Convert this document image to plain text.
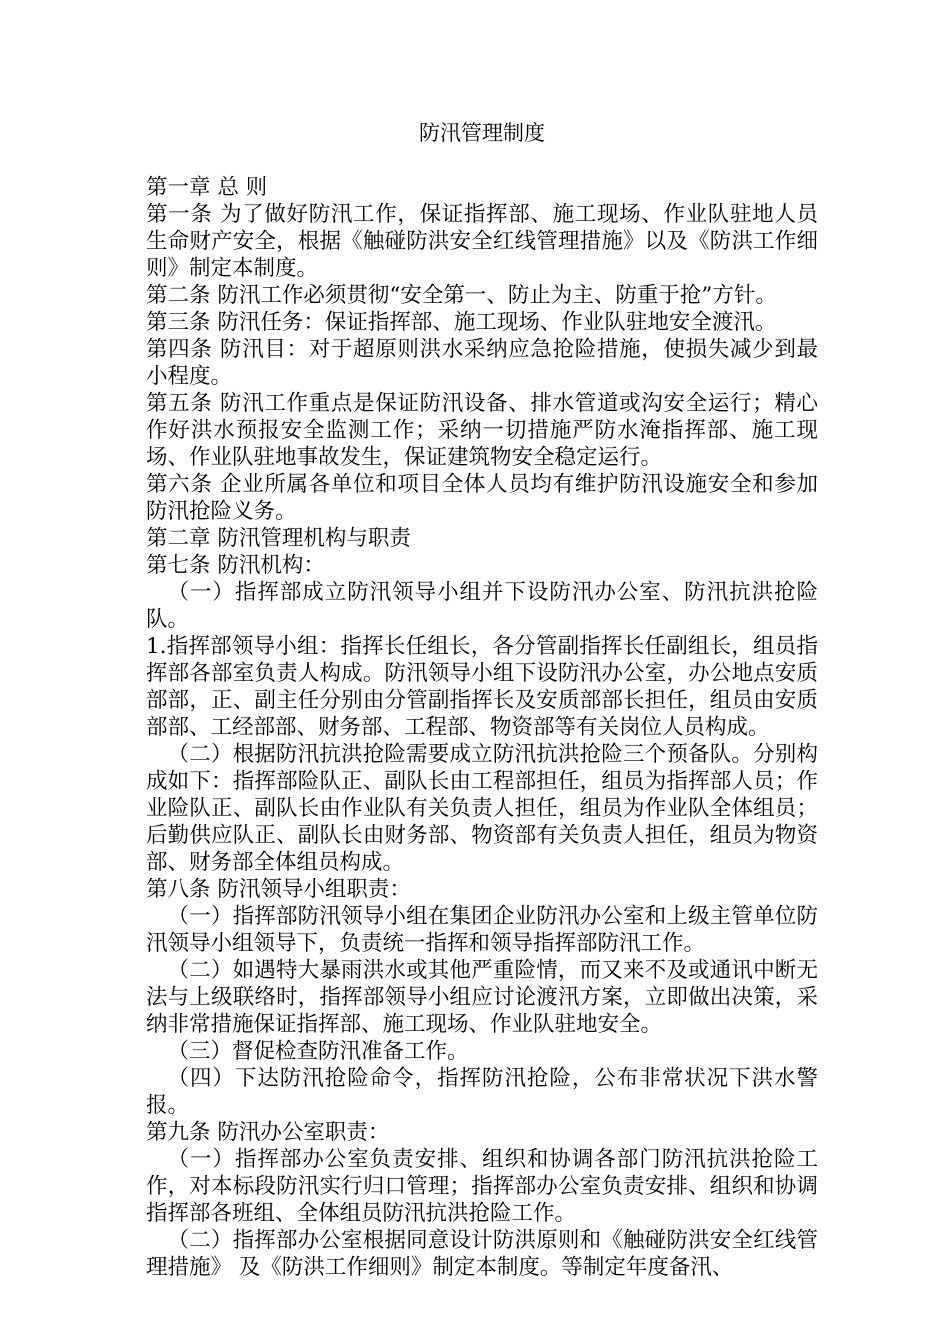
防汛管理制度

第一章 总 则

第一条 为了做好防汛工作，保证指挥部、施工现场、作业队驻地人员生命财产安全，根据《触碰防洪安全红线管理措施》以及《防洪工作细则》制定本制度。

第二条 防汛工作必须贯彻“安全第一、防止为主、防重于抢”方针。

第三条 防汛任务：保证指挥部、施工现场、作业队驻地安全渡汛。

第四条 防汛目：对于超原则洪水采纳应急抢险措施，使损失减少到最小程度。

第五条 防汛工作重点是保证防汛设备、排水管道或沟安全运行；精心作好洪水预报安全监测工作；采纳一切措施严防水淹指挥部、施工现场、作业队驻地事故发生，保证建筑物安全稳定运行。

第六条 企业所属各单位和项目全体人员均有维护防汛设施安全和参加防汛抢险义务。

第二章 防汛管理机构与职责

第七条 防汛机构：

（一）指挥部成立防汛领导小组并下设防汛办公室、防汛抗洪抢险队。

1.指挥部领导小组：指挥长任组长，各分管副指挥长任副组长，组员指挥部各部室负责人构成。防汛领导小组下设防汛办公室，办公地点安质部部，正、副主任分别由分管副指挥长及安质部部长担任，组员由安质部部、工经部部、财务部、工程部、物资部等有关岗位人员构成。

（二）根据防汛抗洪抢险需要成立防汛抗洪抢险三个预备队。分别构成如下：指挥部险队正、副队长由工程部担任，组员为指挥部人员；作业险队正、副队长由作业队有关负责人担任，组员为作业队全体组员；后勤供应队正、副队长由财务部、物资部有关负责人担任，组员为物资部、财务部全体组员构成。

第八条 防汛领导小组职责：

（一）指挥部防汛领导小组在集团企业防汛办公室和上级主管单位防汛领导小组领导下，负责统一指挥和领导指挥部防汛工作。

（二）如遇特大暴雨洪水或其他严重险情，而又来不及或通讯中断无法与上级联络时，指挥部领导小组应讨论渡汛方案，立即做出决策，采纳非常措施保证指挥部、施工现场、作业队驻地安全。

（三）督促检查防汛准备工作。

（四）下达防汛抢险命令，指挥防汛抢险，公布非常状况下洪水警报。

第九条 防汛办公室职责：

（一）指挥部办公室负责安排、组织和协调各部门防汛抗洪抢险工作，对本标段防汛实行归口管理；指挥部办公室负责安排、组织和协调指挥部各班组、全体组员防汛抗洪抢险工作。

（二）指挥部办公室根据同意设计防洪原则和《触碰防洪安全红线管理措施》 及《防洪工作细则》制定本制度。等制定年度备汛、
